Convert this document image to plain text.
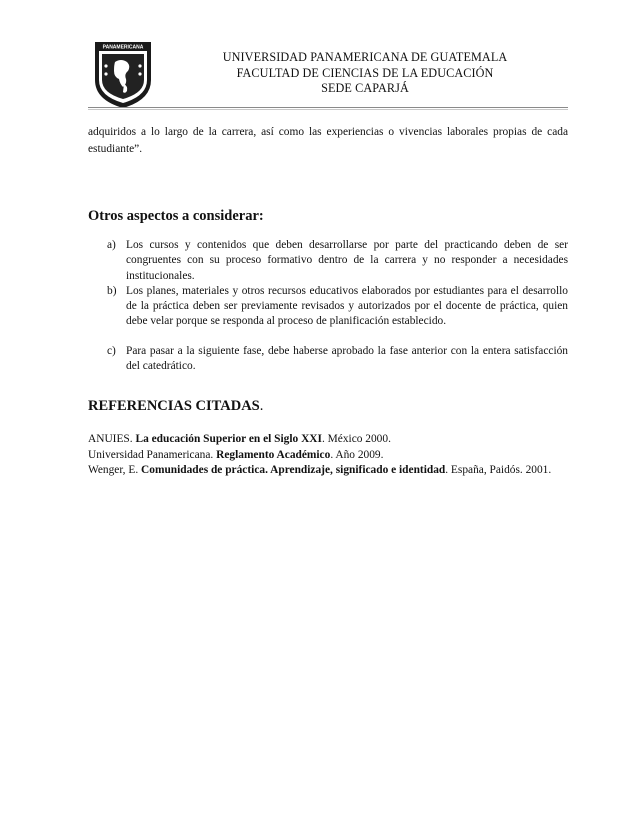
PANAMERICANA
UNIVERSIDAD PANAMERICANA DE GUATEMALA
FACULTAD DE CIENCIAS DE LA EDUCACIÓN
SEDE CAPARJÁ
adquiridos a lo largo de la carrera, así como las experiencias o vivencias laborales propias de cada estudiante”.
Otros aspectos a considerar:
a) Los cursos y contenidos que deben desarrollarse por parte del practicando deben de ser congruentes con su proceso formativo dentro de la carrera y no responder a necesidades institucionales.
b) Los planes, materiales y otros recursos educativos elaborados por estudiantes para el desarrollo de la práctica deben ser previamente revisados y autorizados por el docente de práctica, quien debe velar porque se responda al proceso de planificación establecido.
c) Para pasar a la siguiente fase, debe haberse aprobado la fase anterior con la entera satisfacción del catedrático.
REFERENCIAS CITADAS.
ANUIES. La educación Superior en el Siglo XXI. México 2000.
Universidad Panamericana. Reglamento Académico. Año 2009.
Wenger, E. Comunidades de práctica. Aprendizaje, significado e identidad. España, Paidós. 2001.
